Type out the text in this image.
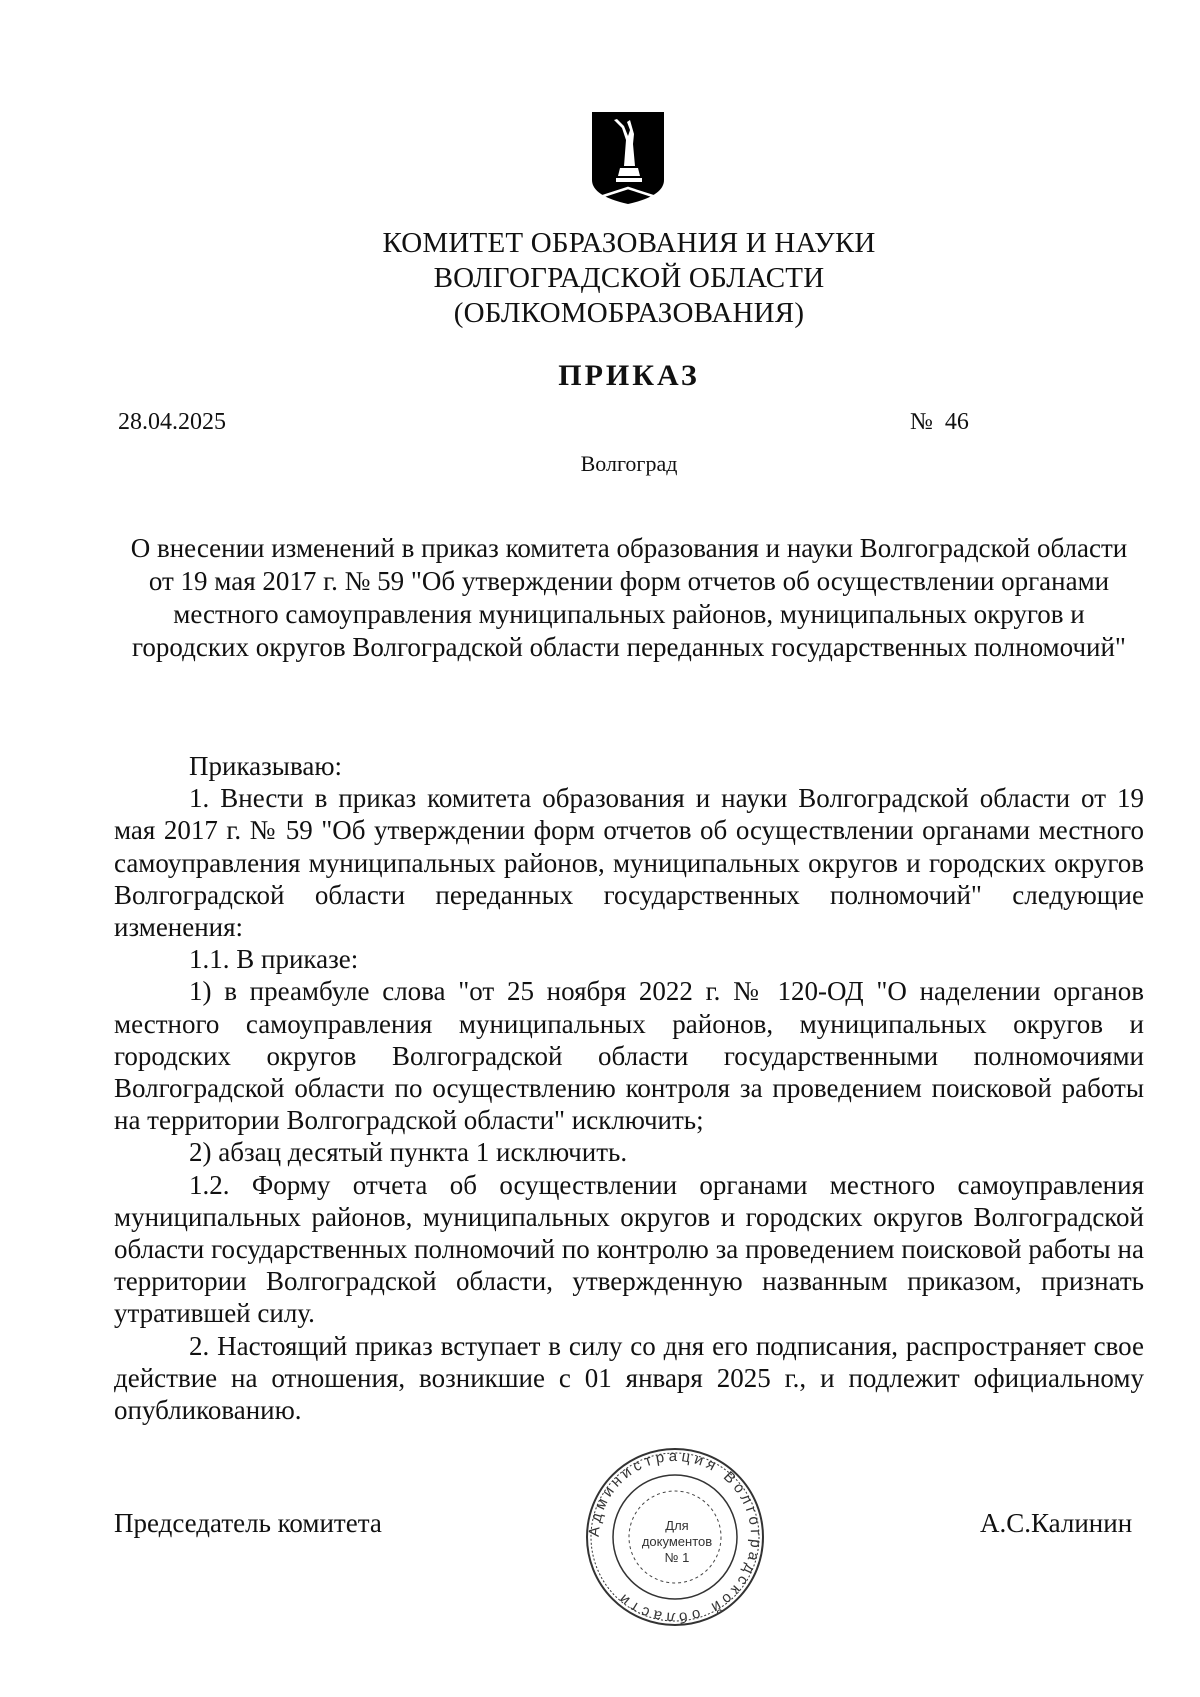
КОМИТЕТ ОБРАЗОВАНИЯ И НАУКИ
ВОЛГОГРАДСКОЙ ОБЛАСТИ
(ОБЛКОМОБРАЗОВАНИЯ)
ПРИКАЗ
28.04.2025	№ 46
Волгоград
О внесении изменений в приказ комитета образования и науки Волгоградской области от 19 мая 2017 г. № 59 "Об утверждении форм отчетов об осуществлении органами местного самоуправления муниципальных районов, муниципальных округов и городских округов Волгоградской области переданных государственных полномочий"

Приказываю:

1. Внести в приказ комитета образования и науки Волгоградской области от 19 мая 2017 г. № 59 "Об утверждении форм отчетов об осуществлении органами местного самоуправления муниципальных районов, муниципальных округов и городских округов Волгоградской области переданных государственных полномочий" следующие изменения:

1.1. В приказе:

1) в преамбуле слова "от 25 ноября 2022 г. № 120-ОД "О наделении органов местного самоуправления муниципальных районов, муниципальных округов и городских округов Волгоградской области государственными полномочиями Волгоградской области по осуществлению контроля за проведением поисковой работы на территории Волгоградской области" исключить;

2) абзац десятый пункта 1 исключить.

1.2. Форму отчета об осуществлении органами местного самоуправления муниципальных районов, муниципальных округов и городских округов Волгоградской области государственных полномочий по контролю за проведением поисковой работы на территории Волгоградской области, утвержденную названным приказом, признать утратившей силу.

2. Настоящий приказ вступает в силу со дня его подписания, распространяет свое действие на отношения, возникшие с 01 января 2025 г., и подлежит официальному опубликованию.

Председатель комитета	А.С.Калинин
Администрация Волгоградской области
Для
документов
№ 1
